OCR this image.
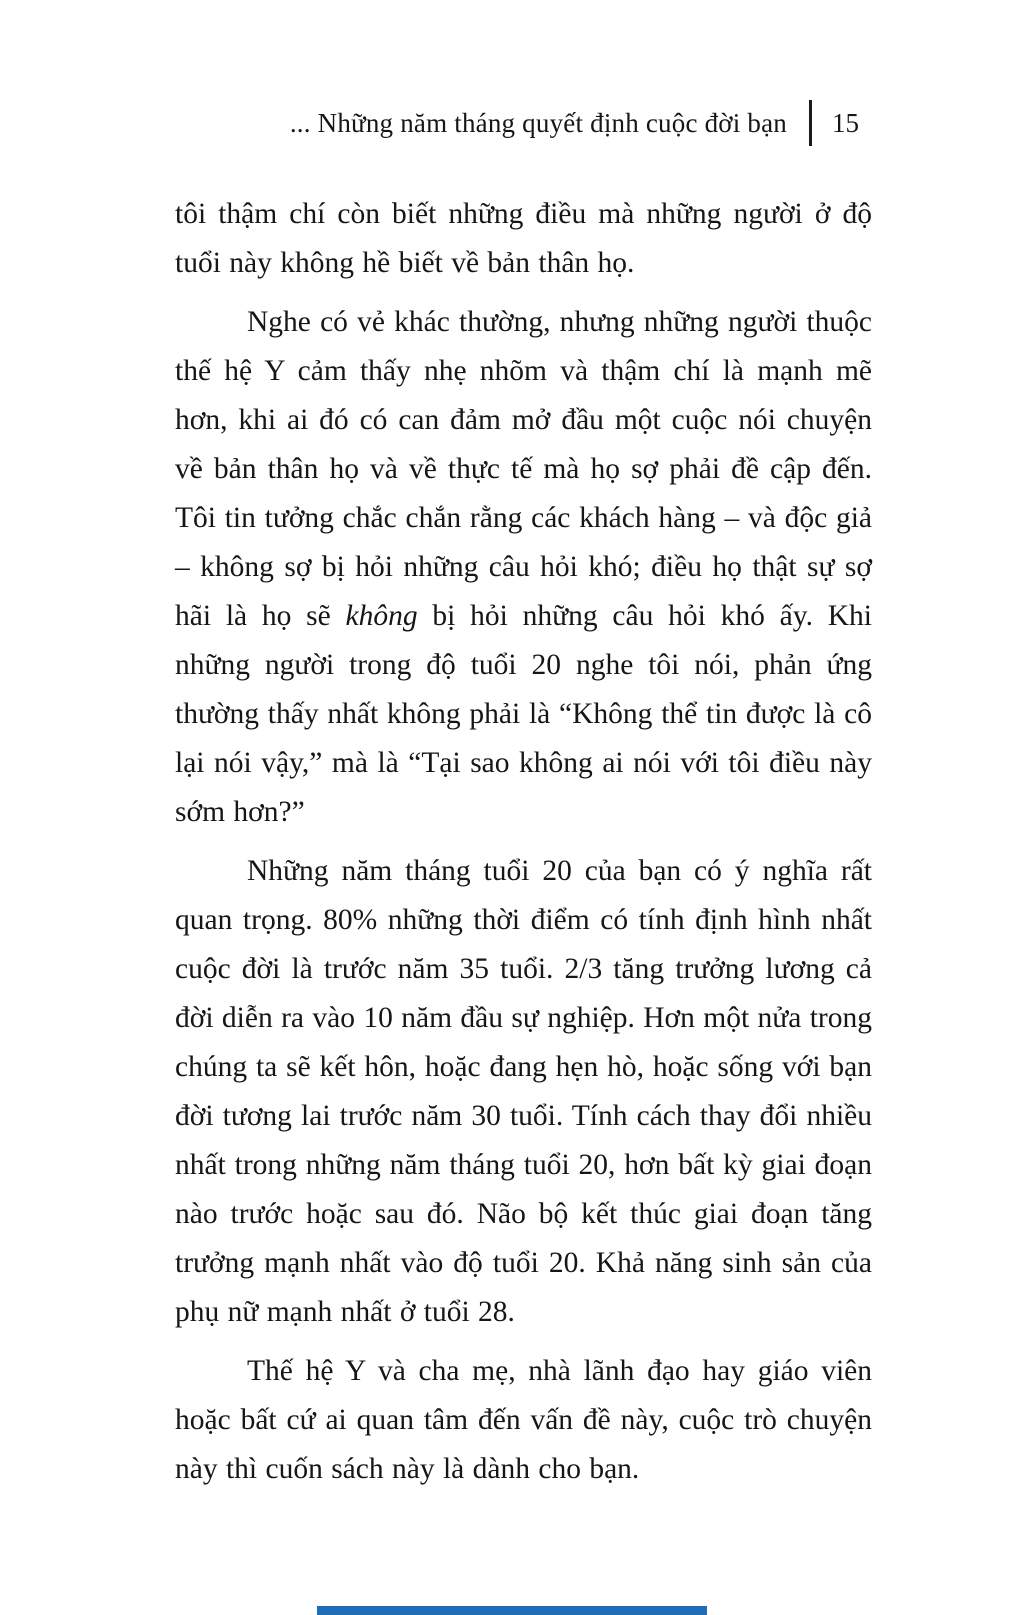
... Những năm tháng quyết định cuộc đời bạn 15

tôi thậm chí còn biết những điều mà những người ở độ tuổi này không hề biết về bản thân họ.

Nghe có vẻ khác thường, nhưng những người thuộc thế hệ Y cảm thấy nhẹ nhõm và thậm chí là mạnh mẽ hơn, khi ai đó có can đảm mở đầu một cuộc nói chuyện về bản thân họ và về thực tế mà họ sợ phải đề cập đến. Tôi tin tưởng chắc chắn rằng các khách hàng – và độc giả – không sợ bị hỏi những câu hỏi khó; điều họ thật sự sợ hãi là họ sẽ không bị hỏi những câu hỏi khó ấy. Khi những người trong độ tuổi 20 nghe tôi nói, phản ứng thường thấy nhất không phải là “Không thể tin được là cô lại nói vậy,” mà là “Tại sao không ai nói với tôi điều này sớm hơn?”

Những năm tháng tuổi 20 của bạn có ý nghĩa rất quan trọng. 80% những thời điểm có tính định hình nhất cuộc đời là trước năm 35 tuổi. 2/3 tăng trưởng lương cả đời diễn ra vào 10 năm đầu sự nghiệp. Hơn một nửa trong chúng ta sẽ kết hôn, hoặc đang hẹn hò, hoặc sống với bạn đời tương lai trước năm 30 tuổi. Tính cách thay đổi nhiều nhất trong những năm tháng tuổi 20, hơn bất kỳ giai đoạn nào trước hoặc sau đó. Não bộ kết thúc giai đoạn tăng trưởng mạnh nhất vào độ tuổi 20. Khả năng sinh sản của phụ nữ mạnh nhất ở tuổi 28.

Thế hệ Y và cha mẹ, nhà lãnh đạo hay giáo viên hoặc bất cứ ai quan tâm đến vấn đề này, cuộc trò chuyện này thì cuốn sách này là dành cho bạn.
